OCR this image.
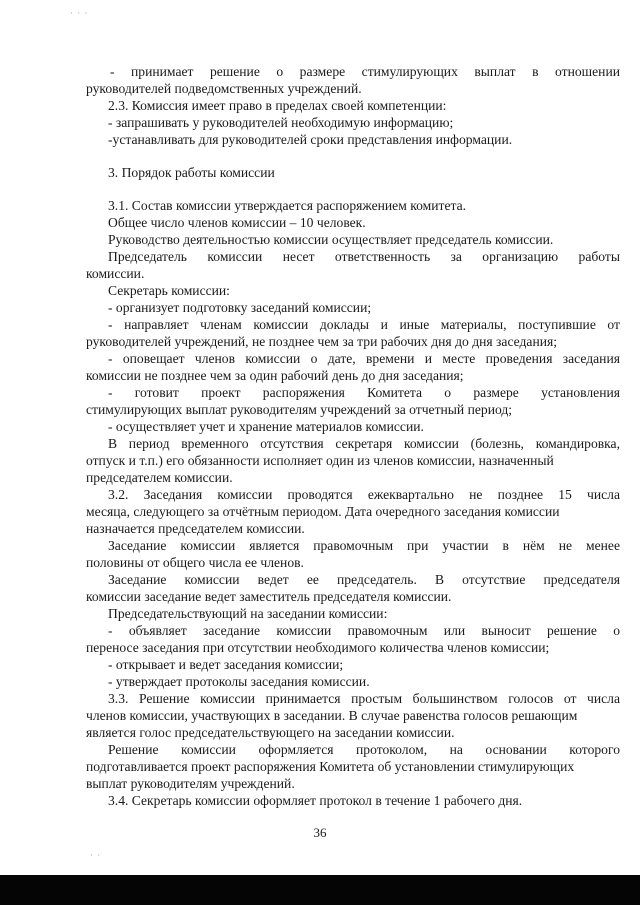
· · ·

- принимает решение о размере стимулирующих выплат в отношении

руководителей подведомственных учреждений.

2.3. Комиссия имеет право в пределах своей компетенции:

- запрашивать у руководителей необходимую информацию;

-устанавливать для руководителей сроки представления информации.

3. Порядок работы комиссии

3.1. Состав комиссии утверждается распоряжением комитета.

Общее число членов комиссии – 10 человек.

Руководство деятельностью комиссии осуществляет председатель комиссии.

Председатель комиссии несет ответственность за организацию работы

комиссии.

Секретарь комиссии:

- организует подготовку заседаний комиссии;

- направляет членам комиссии доклады и иные материалы, поступившие от

руководителей учреждений, не позднее чем за три рабочих дня до дня заседания;

- оповещает членов комиссии о дате, времени и месте проведения заседания

комиссии не позднее чем за один рабочий день до дня заседания;

- готовит проект распоряжения Комитета о размере установления

стимулирующих выплат руководителям учреждений за отчетный период;

- осуществляет учет и хранение материалов комиссии.

В период временного отсутствия секретаря комиссии (болезнь, командировка,

отпуск и т.п.) его обязанности исполняет один из членов комиссии, назначенный

председателем комиссии.

3.2. Заседания комиссии проводятся ежеквартально не позднее 15 числа

месяца, следующего за отчётным периодом. Дата очередного заседания комиссии

назначается председателем комиссии.

Заседание комиссии является правомочным при участии в нём не менее

половины от общего числа ее членов.

Заседание комиссии ведет ее председатель. В отсутствие председателя

комиссии заседание ведет заместитель председателя комиссии.

Председательствующий на заседании комиссии:

- объявляет заседание комиссии правомочным или выносит решение о

переносе заседания при отсутствии необходимого количества членов комиссии;

- открывает и ведет заседания комиссии;

- утверждает протоколы заседания комиссии.

3.3. Решение комиссии принимается простым большинством голосов от числа

членов комиссии, участвующих в заседании. В случае равенства голосов решающим

является голос председательствующего на заседании комиссии.

Решение комиссии оформляется протоколом, на основании которого

подготавливается проект распоряжения Комитета об установлении стимулирующих

выплат руководителям учреждений.

3.4. Секретарь комиссии оформляет протокол в течение 1 рабочего дня.

36
· ·
